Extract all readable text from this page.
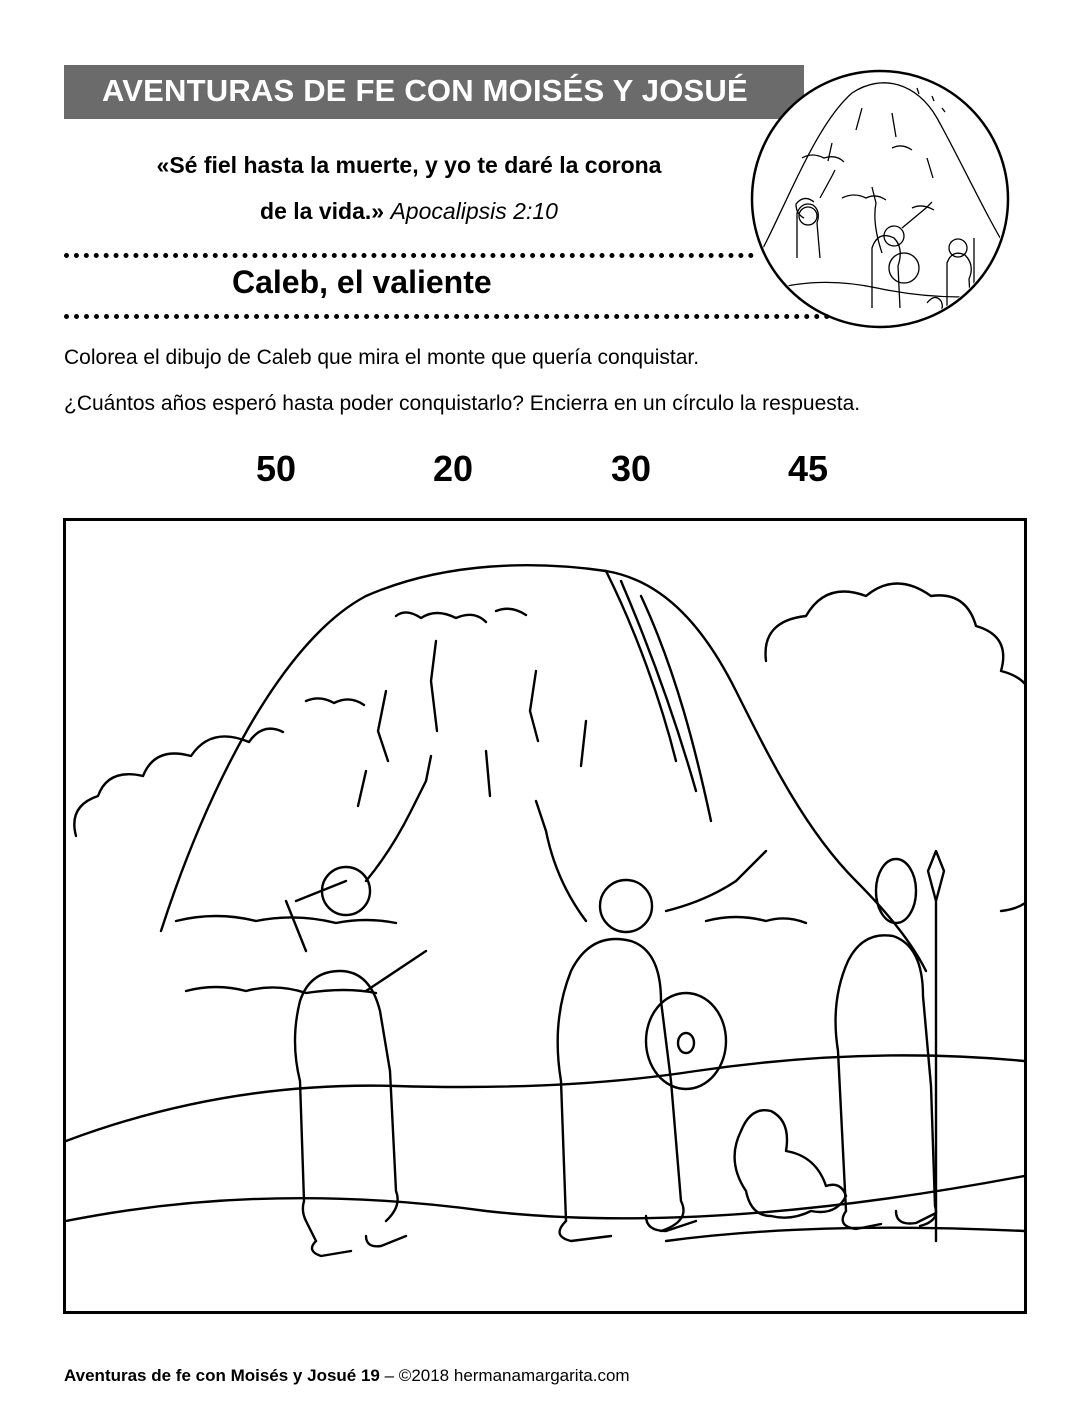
AVENTURAS DE FE CON MOISÉS Y JOSUÉ
«Sé fiel hasta la muerte, y yo te daré la corona
de la vida.» Apocalipsis 2:10
Caleb, el valiente
Colorea el dibujo de Caleb que mira el monte que quería conquistar.
¿Cuántos años esperó hasta poder conquistarlo? Encierra en un círculo la respuesta.
50	20	30	45
Aventuras de fe con Moisés y Josué 19 – ©2018 hermanamargarita.com
